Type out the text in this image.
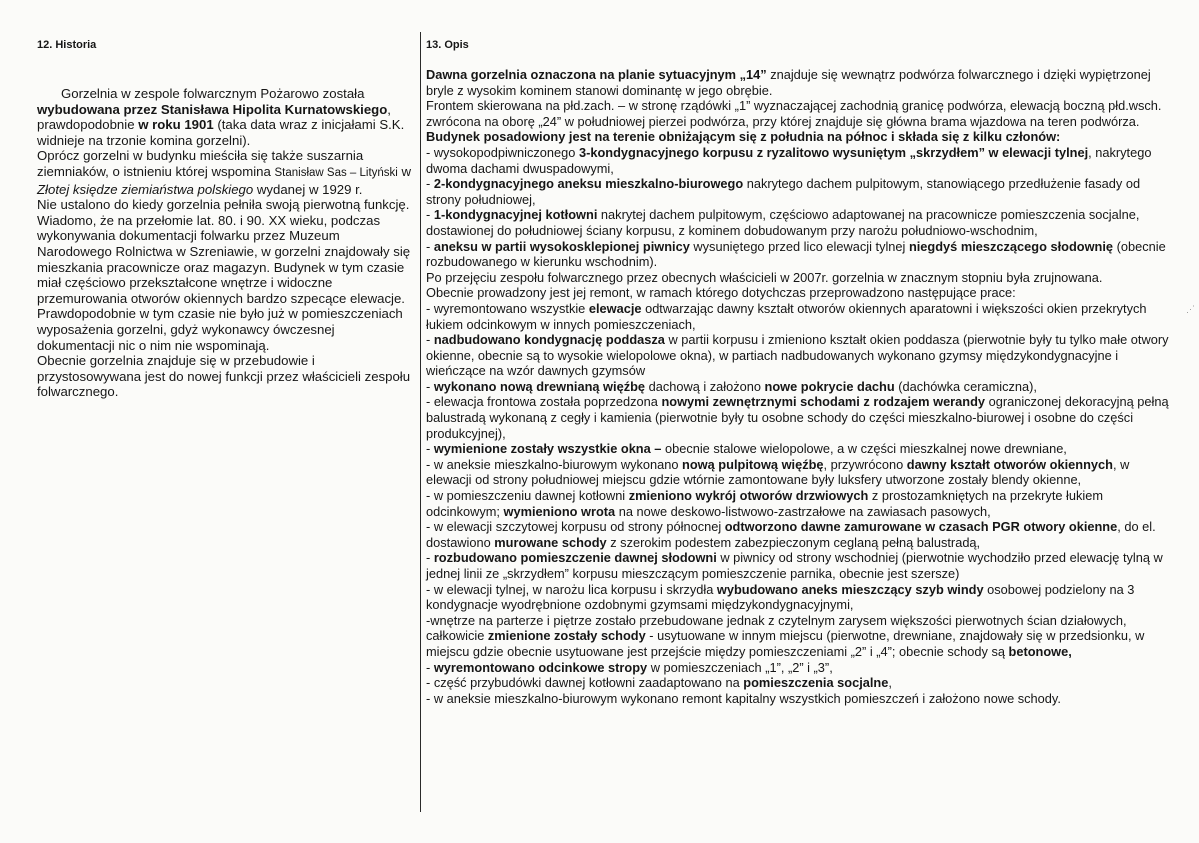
⋰
12. Historia

Gorzelnia w zespole folwarcznym Pożarowo została wybudowana przez Stanisława Hipolita Kurnatowskiego, prawdopodobnie w roku 1901 (taka data wraz z inicjałami S.K. widnieje na trzonie komina gorzelni).

Oprócz gorzelni w budynku mieściła się także suszarnia ziemniaków, o istnieniu której wspomina Stanisław Sas – Lityński w Złotej księdze ziemiaństwa polskiego wydanej w 1929 r.

Nie ustalono do kiedy gorzelnia pełniła swoją pierwotną funkcję. Wiadomo, że na przełomie lat. 80. i 90. XX wieku, podczas wykonywania dokumentacji folwarku przez Muzeum Narodowego Rolnictwa w Szreniawie, w gorzelni znajdowały się mieszkania pracownicze oraz magazyn. Budynek w tym czasie miał częściowo przekształcone wnętrze i widoczne przemurowania otworów okiennych bardzo szpecące elewacje. Prawdopodobnie w tym czasie nie było już w pomieszczeniach wyposażenia gorzelni, gdyż wykonawcy ówczesnej dokumentacji nic o nim nie wspominają.

Obecnie gorzelnia znajduje się w przebudowie i przystosowywana jest do nowej funkcji przez właścicieli zespołu folwarcznego.

13. Opis

Dawna gorzelnia oznaczona na planie sytuacyjnym „14” znajduje się wewnątrz podwórza folwarcznego i dzięki wypiętrzonej bryle z wysokim kominem stanowi dominantę w jego obrębie.

Frontem skierowana na płd.zach. – w stronę rządówki „1” wyznaczającej zachodnią granicę podwórza, elewacją boczną płd.wsch. zwrócona na oborę „24” w południowej pierzei podwórza, przy której znajduje się główna brama wjazdowa na teren podwórza.

Budynek posadowiony jest na terenie obniżającym się z południa na północ i składa się z kilku członów:

- wysokopodpiwniczonego 3-kondygnacyjnego korpusu z ryzalitowo wysuniętym „skrzydłem” w elewacji tylnej, nakrytego dwoma dachami dwuspadowymi,

- 2-kondygnacyjnego aneksu mieszkalno-biurowego nakrytego dachem pulpitowym, stanowiącego przedłużenie fasady od strony południowej,

- 1-kondygnacyjnej kotłowni nakrytej dachem pulpitowym, częściowo adaptowanej na pracownicze pomieszczenia socjalne, dostawionej do południowej ściany korpusu, z kominem dobudowanym przy narożu południowo-wschodnim,

- aneksu w partii wysokosklepionej piwnicy wysuniętego przed lico elewacji tylnej niegdyś mieszczącego słodownię (obecnie rozbudowanego w kierunku wschodnim).

Po przejęciu zespołu folwarcznego przez obecnych właścicieli w 2007r. gorzelnia w znacznym stopniu była zrujnowana.

Obecnie prowadzony jest jej remont, w ramach którego dotychczas przeprowadzono następujące prace:

- wyremontowano wszystkie elewacje odtwarzając dawny kształt otworów okiennych aparatowni i większości okien przekrytych łukiem odcinkowym w innych pomieszczeniach,

- nadbudowano kondygnację poddasza w partii korpusu i zmieniono kształt okien poddasza (pierwotnie były tu tylko małe otwory okienne, obecnie są to wysokie wielopolowe okna), w partiach nadbudowanych wykonano gzymsy międzykondygnacyjne i wieńczące na wzór dawnych gzymsów

- wykonano nową drewnianą więźbę dachową i założono nowe pokrycie dachu (dachówka ceramiczna),

- elewacja frontowa została poprzedzona nowymi zewnętrznymi schodami z rodzajem werandy ograniczonej dekoracyjną pełną balustradą wykonaną z cegły i kamienia (pierwotnie były tu osobne schody do części mieszkalno-biurowej i osobne do części produkcyjnej),

- wymienione zostały wszystkie okna – obecnie stalowe wielopolowe, a w części mieszkalnej nowe drewniane,

- w aneksie mieszkalno-biurowym wykonano nową pulpitową więźbę, przywrócono dawny kształt otworów okiennych, w elewacji od strony południowej miejscu gdzie wtórnie zamontowane były luksfery utworzone zostały blendy okienne,

- w pomieszczeniu dawnej kotłowni zmieniono wykrój otworów drzwiowych z prostozamkniętych na przekryte łukiem odcinkowym; wymieniono wrota na nowe deskowo-listwowo-zastrzałowe na zawiasach pasowych,

- w elewacji szczytowej korpusu od strony północnej odtworzono dawne zamurowane w czasach PGR otwory okienne, do el. dostawiono murowane schody z szerokim podestem zabezpieczonym ceglaną pełną balustradą,

- rozbudowano pomieszczenie dawnej słodowni w piwnicy od strony wschodniej (pierwotnie wychodziło przed elewację tylną w jednej linii ze „skrzydłem” korpusu mieszczącym pomieszczenie parnika, obecnie jest szersze)

- w elewacji tylnej, w narożu lica korpusu i skrzydła wybudowano aneks mieszczący szyb windy osobowej podzielony na 3 kondygnacje wyodrębnione ozdobnymi gzymsami międzykondygnacyjnymi,

-wnętrze na parterze i piętrze zostało przebudowane jednak z czytelnym zarysem większości pierwotnych ścian działowych, całkowicie zmienione zostały schody - usytuowane w innym miejscu (pierwotne, drewniane, znajdowały się w przedsionku, w miejscu gdzie obecnie usytuowane jest przejście między pomieszczeniami „2” i „4”; obecnie schody są betonowe,

- wyremontowano odcinkowe stropy w pomieszczeniach „1”, „2” i „3”,

- część przybudówki dawnej kotłowni zaadaptowano na pomieszczenia socjalne,

- w aneksie mieszkalno-biurowym wykonano remont kapitalny wszystkich pomieszczeń i założono nowe schody.
